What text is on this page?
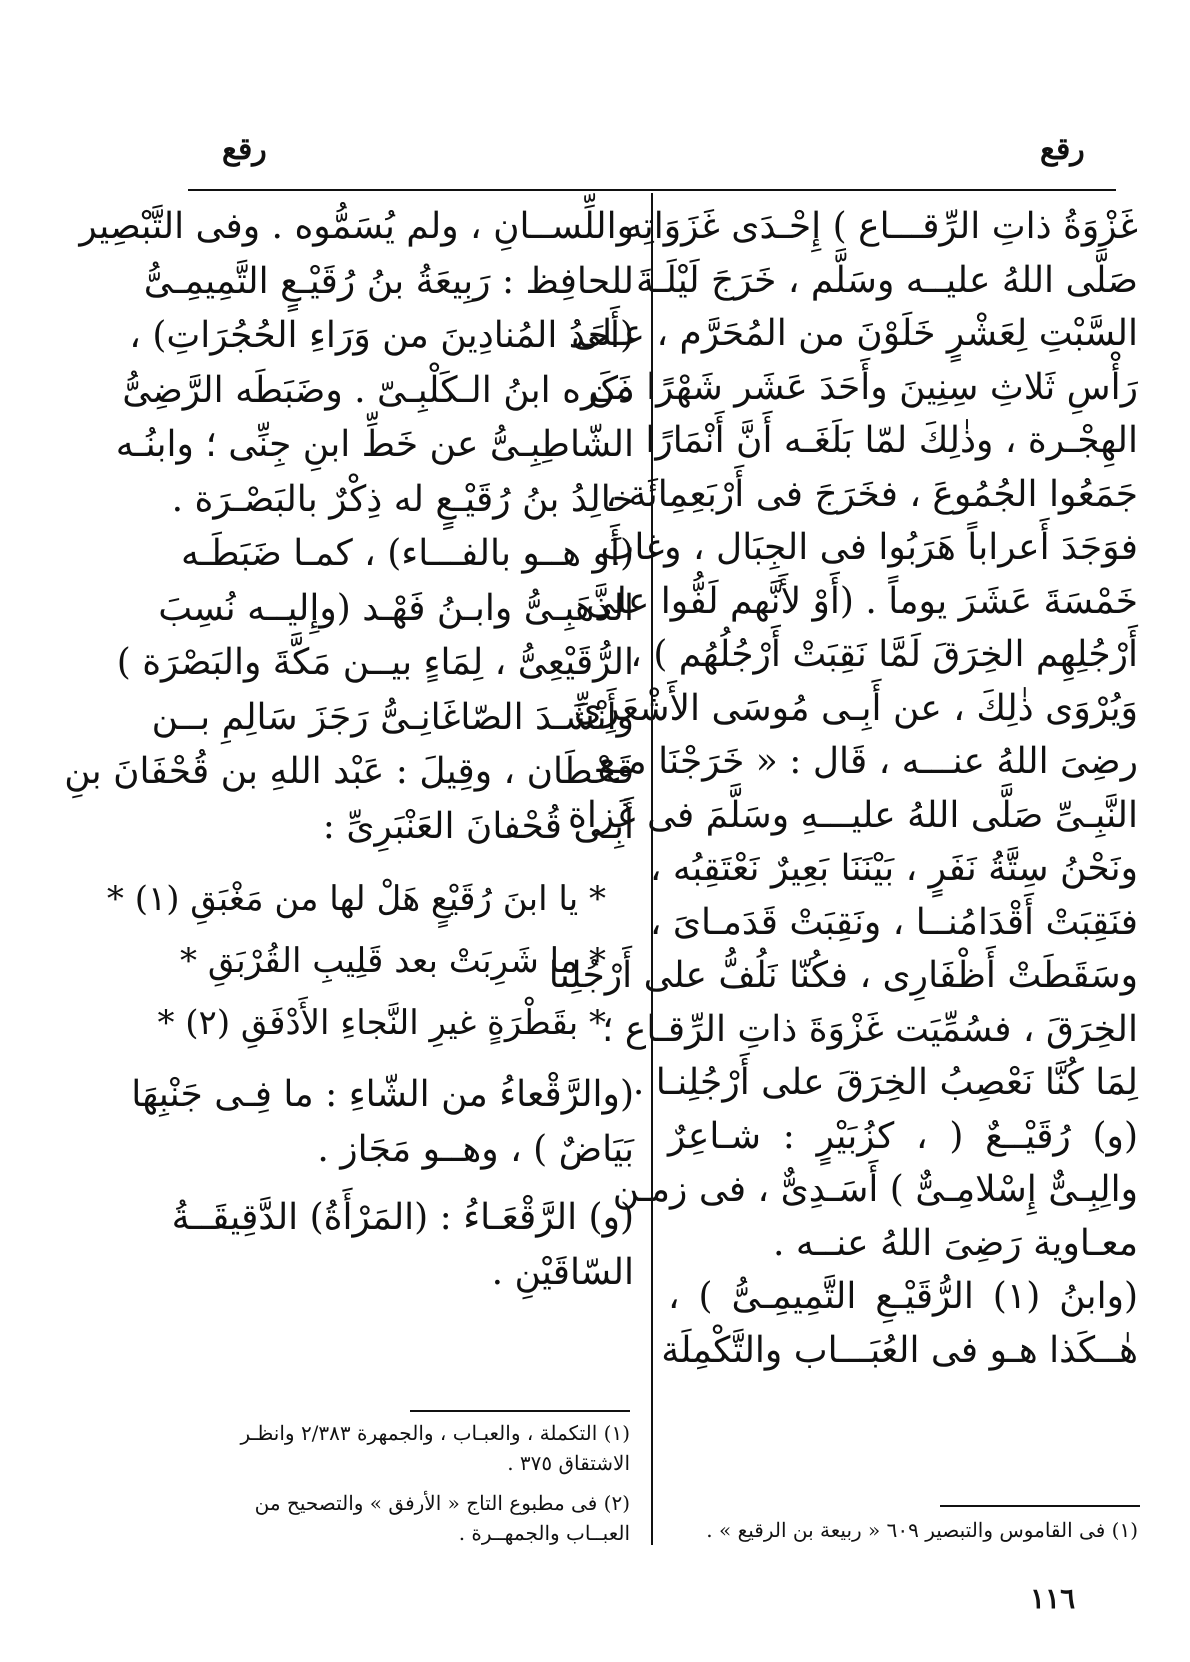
رقع
رقع
غَزْوَةُ ذاتِ الرِّقـــاع ) إِحْـدَى غَزَوَاتِه
صَلَّى اللهُ عليــه وسَلَّم ، خَرَجَ لَيْلَـةَ
السَّبْتِ لِعَشْرٍ خَلَوْنَ من المُحَرَّم ، عـلى
رَأْسِ ثَلاثِ سِنِينَ وأَحَدَ عَشَر شَهْرًا من
الهِجْـرة ، وذٰلِكَ لمّا بَلَغَـه أَنَّ أَنْمَارًا
جَمَعُوا الجُمُوعَ ، فخَرَجَ فى أَرْبَعِمِائَة ،
فوَجَدَ أَعراباً هَرَبُوا فى الجِبَال ، وغابَ
خَمْسَةَ عَشَرَ يوماً . (أَوْ لأَنَّهم لَفُّوا على
أَرْجُلِهِم الخِرَقَ لَمَّا نَقِبَتْ أَرْجُلُهُم ) ،
وَيُرْوَى ذٰلِكَ ، عن أَبِـى مُوسَى الأَشْعَرِىِّ
رضِىَ اللهُ عنـــه ، قَال : « خَرَجْنَا مـع
النَّبِـىِّ صَلَّى اللهُ عليـــهِ وسَلَّمَ فى غَزاة
ونَحْنُ سِتَّةُ نَفَرٍ ، بَيْنَنَا بَعِيرٌ نَعْتَقِبُه ،
فنَقِبَتْ أَقْدَامُنــا ، ونَقِبَتْ قَدَمـاىَ ،
وسَقَطَتْ أَظْفَارِى ، فكُنّا نَلُفُّ على أَرْجُلِنا
الخِرَقَ ، فسُمِّيَت غَزْوَةَ ذاتِ الرِّقـاع ؛
لِمَا كُنَّا نَعْصِبُ الخِرَقَ على أَرْجُلِنـا .
(و) رُقَيْــعٌ ( ، كزُبَيْرٍ : شـاعِرٌ
والِبِـىٌّ إِسْلامِـىٌّ ) أَسَـدِىٌّ ، فى زمـن
معـاوية رَضِىَ اللهُ عنــه .
(وابنُ (١) الرُّقَيْـعِ التَّمِيمِـىُّ ) ،
هٰــكَذا هـو فى العُبَـــاب والتَّكْمِلَة
واللِّســانِ ، ولم يُسَمُّوه . وفى التَّبْصِير
للحافِظ : رَبِيعَةُ بنُ رُقَيْـعٍ التَّمِيمِـىُّ
(أَحَدُ المُنادِينَ من وَرَاءِ الحُجُرَاتِ) ،
ذَكَره ابنُ الـكَلْبِـىّ . وضَبَطَه الرَّضِىُّ
الشّاطِبِـىُّ عن خَطِّ ابنِ جِنِّى ؛ وابنُـه
خالِدُ بنُ رُقَيْـعٍ له ذِكْرٌ بالبَصْـرَة .
(أَو هــو بالفـــاء) ، كمـا ضَبَطَـه
الذَّهَبِـىُّ وابـنُ فَهْـد (وإِليــه نُسِبَ
الرُّقَيْعِىُّ ، لِمَاءٍ بيــن مَكَّةَ والبَصْرَة )
وأَنْشَـدَ الصّاغَانِـىُّ رَجَزَ سَالِمِ بــن
قَحْطَان ، وقِيلَ : عَبْد اللهِ بن قُحْفَانَ بنِ
أَبِـى قُحْفانَ العَنْبَرِىِّ :
* يا ابنَ رُقَيْعٍ هَلْ لها من مَغْبَقِ (١) *
* ما شَرِبَتْ بعد قَلِيبِ القُرْبَقِ *
* بقَطْرَةٍ غيرِ النَّجاءِ الأَدْفَقِ (٢) *
(والرَّقْعاءُ من الشّاءِ : ما فِـى جَنْبِهَا
بَيَاضٌ ) ، وهــو مَجَاز .
(و) الرَّقْعَـاءُ : (المَرْأَةُ) الدَّقِيقَــةُ
السّاقَيْنِ .
(١) فى القاموس والتبصير ٦٠٩ « ربيعة بن الرقيع » .
(١) التكملة ، والعبـاب ، والجمهرة ٢/٣٨٣ وانظـر الاشتقاق ٣٧٥ .
(٢) فى مطبوع التاج « الأرفق » والتصحيح من العبــاب والجمهــرة .
١١٦
